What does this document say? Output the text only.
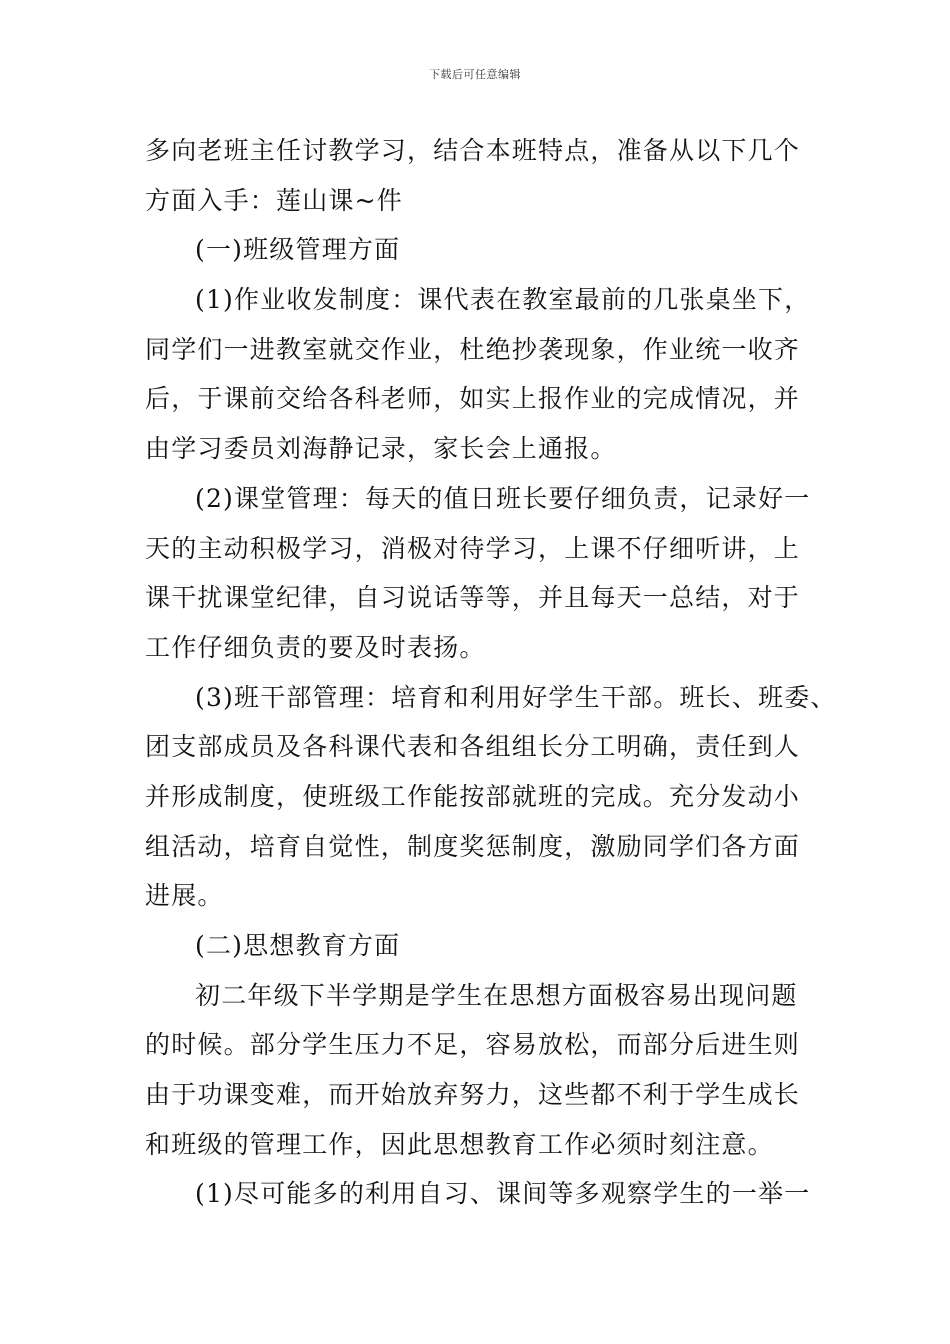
下载后可任意编辑
多向老班主任讨教学习，结合本班特点，准备从以下几个
方面入手：莲山课~件
(一)班级管理方面
(1)作业收发制度：课代表在教室最前的几张桌坐下，
同学们一进教室就交作业，杜绝抄袭现象，作业统一收齐
后，于课前交给各科老师，如实上报作业的完成情况，并
由学习委员刘海静记录，家长会上通报。
(2)课堂管理：每天的值日班长要仔细负责，记录好一
天的主动积极学习，消极对待学习，上课不仔细听讲，上
课干扰课堂纪律，自习说话等等，并且每天一总结，对于
工作仔细负责的要及时表扬。
(3)班干部管理：培育和利用好学生干部。班长、班委、
团支部成员及各科课代表和各组组长分工明确，责任到人
并形成制度，使班级工作能按部就班的完成。充分发动小
组活动，培育自觉性，制度奖惩制度，激励同学们各方面
进展。
(二)思想教育方面
初二年级下半学期是学生在思想方面极容易出现问题
的时候。部分学生压力不足，容易放松，而部分后进生则
由于功课变难，而开始放弃努力，这些都不利于学生成长
和班级的管理工作，因此思想教育工作必须时刻注意。
(1)尽可能多的利用自习、课间等多观察学生的一举一
